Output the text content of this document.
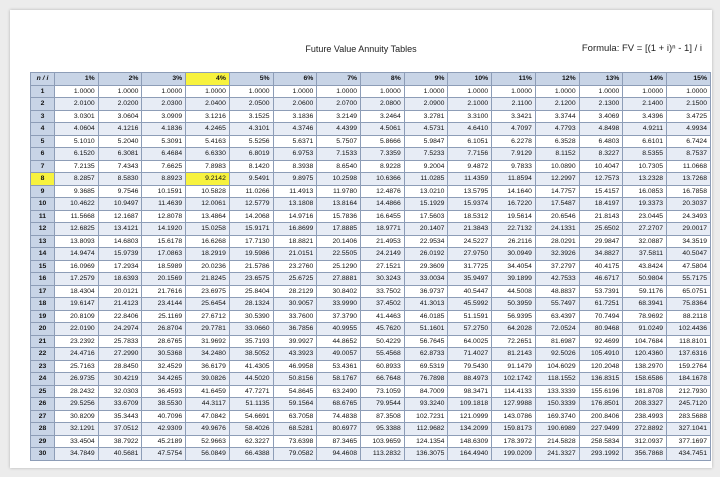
Future Value Annuity Tables	Formula: FV = [(1 + i)ⁿ - 1] / i
n / i	1%	2%	3%	4%	5%	6%	7%	8%	9%	10%	11%	12%	13%	14%	15%
1	1.0000	1.0000	1.0000	1.0000	1.0000	1.0000	1.0000	1.0000	1.0000	1.0000	1.0000	1.0000	1.0000	1.0000	1.0000
2	2.0100	2.0200	2.0300	2.0400	2.0500	2.0600	2.0700	2.0800	2.0900	2.1000	2.1100	2.1200	2.1300	2.1400	2.1500
3	3.0301	3.0604	3.0909	3.1216	3.1525	3.1836	3.2149	3.2464	3.2781	3.3100	3.3421	3.3744	3.4069	3.4396	3.4725
4	4.0604	4.1216	4.1836	4.2465	4.3101	4.3746	4.4399	4.5061	4.5731	4.6410	4.7097	4.7793	4.8498	4.9211	4.9934
5	5.1010	5.2040	5.3091	5.4163	5.5256	5.6371	5.7507	5.8666	5.9847	6.1051	6.2278	6.3528	6.4803	6.6101	6.7424
6	6.1520	6.3081	6.4684	6.6330	6.8019	6.9753	7.1533	7.3359	7.5233	7.7156	7.9129	8.1152	8.3227	8.5355	8.7537
7	7.2135	7.4343	7.6625	7.8983	8.1420	8.3938	8.6540	8.9228	9.2004	9.4872	9.7833	10.0890	10.4047	10.7305	11.0668
8	8.2857	8.5830	8.8923	9.2142	9.5491	9.8975	10.2598	10.6366	11.0285	11.4359	11.8594	12.2997	12.7573	13.2328	13.7268
9	9.3685	9.7546	10.1591	10.5828	11.0266	11.4913	11.9780	12.4876	13.0210	13.5795	14.1640	14.7757	15.4157	16.0853	16.7858
10	10.4622	10.9497	11.4639	12.0061	12.5779	13.1808	13.8164	14.4866	15.1929	15.9374	16.7220	17.5487	18.4197	19.3373	20.3037
11	11.5668	12.1687	12.8078	13.4864	14.2068	14.9716	15.7836	16.6455	17.5603	18.5312	19.5614	20.6546	21.8143	23.0445	24.3493
12	12.6825	13.4121	14.1920	15.0258	15.9171	16.8699	17.8885	18.9771	20.1407	21.3843	22.7132	24.1331	25.6502	27.2707	29.0017
13	13.8093	14.6803	15.6178	16.6268	17.7130	18.8821	20.1406	21.4953	22.9534	24.5227	26.2116	28.0291	29.9847	32.0887	34.3519
14	14.9474	15.9739	17.0863	18.2919	19.5986	21.0151	22.5505	24.2149	26.0192	27.9750	30.0949	32.3926	34.8827	37.5811	40.5047
15	16.0969	17.2934	18.5989	20.0236	21.5786	23.2760	25.1290	27.1521	29.3609	31.7725	34.4054	37.2797	40.4175	43.8424	47.5804
16	17.2579	18.6393	20.1569	21.8245	23.6575	25.6725	27.8881	30.3243	33.0034	35.9497	39.1899	42.7533	46.6717	50.9804	55.7175
17	18.4304	20.0121	21.7616	23.6975	25.8404	28.2129	30.8402	33.7502	36.9737	40.5447	44.5008	48.8837	53.7391	59.1176	65.0751
18	19.6147	21.4123	23.4144	25.6454	28.1324	30.9057	33.9990	37.4502	41.3013	45.5992	50.3959	55.7497	61.7251	68.3941	75.8364
19	20.8109	22.8406	25.1169	27.6712	30.5390	33.7600	37.3790	41.4463	46.0185	51.1591	56.9395	63.4397	70.7494	78.9692	88.2118
20	22.0190	24.2974	26.8704	29.7781	33.0660	36.7856	40.9955	45.7620	51.1601	57.2750	64.2028	72.0524	80.9468	91.0249	102.4436
21	23.2392	25.7833	28.6765	31.9692	35.7193	39.9927	44.8652	50.4229	56.7645	64.0025	72.2651	81.6987	92.4699	104.7684	118.8101
22	24.4716	27.2990	30.5368	34.2480	38.5052	43.3923	49.0057	55.4568	62.8733	71.4027	81.2143	92.5026	105.4910	120.4360	137.6316
23	25.7163	28.8450	32.4529	36.6179	41.4305	46.9958	53.4361	60.8933	69.5319	79.5430	91.1479	104.6029	120.2048	138.2970	159.2764
24	26.9735	30.4219	34.4265	39.0826	44.5020	50.8156	58.1767	66.7648	76.7898	88.4973	102.1742	118.1552	136.8315	158.6586	184.1678
25	28.2432	32.0303	36.4593	41.6459	47.7271	54.8645	63.2490	73.1059	84.7009	98.3471	114.4133	133.3339	155.6196	181.8708	212.7930
26	29.5256	33.6709	38.5530	44.3117	51.1135	59.1564	68.6765	79.9544	93.3240	109.1818	127.9988	150.3339	176.8501	208.3327	245.7120
27	30.8209	35.3443	40.7096	47.0842	54.6691	63.7058	74.4838	87.3508	102.7231	121.0999	143.0786	169.3740	200.8406	238.4993	283.5688
28	32.1291	37.0512	42.9309	49.9676	58.4026	68.5281	80.6977	95.3388	112.9682	134.2099	159.8173	190.6989	227.9499	272.8892	327.1041
29	33.4504	38.7922	45.2189	52.9663	62.3227	73.6398	87.3465	103.9659	124.1354	148.6309	178.3972	214.5828	258.5834	312.0937	377.1697
30	34.7849	40.5681	47.5754	56.0849	66.4388	79.0582	94.4608	113.2832	136.3075	164.4940	199.0209	241.3327	293.1992	356.7868	434.7451
